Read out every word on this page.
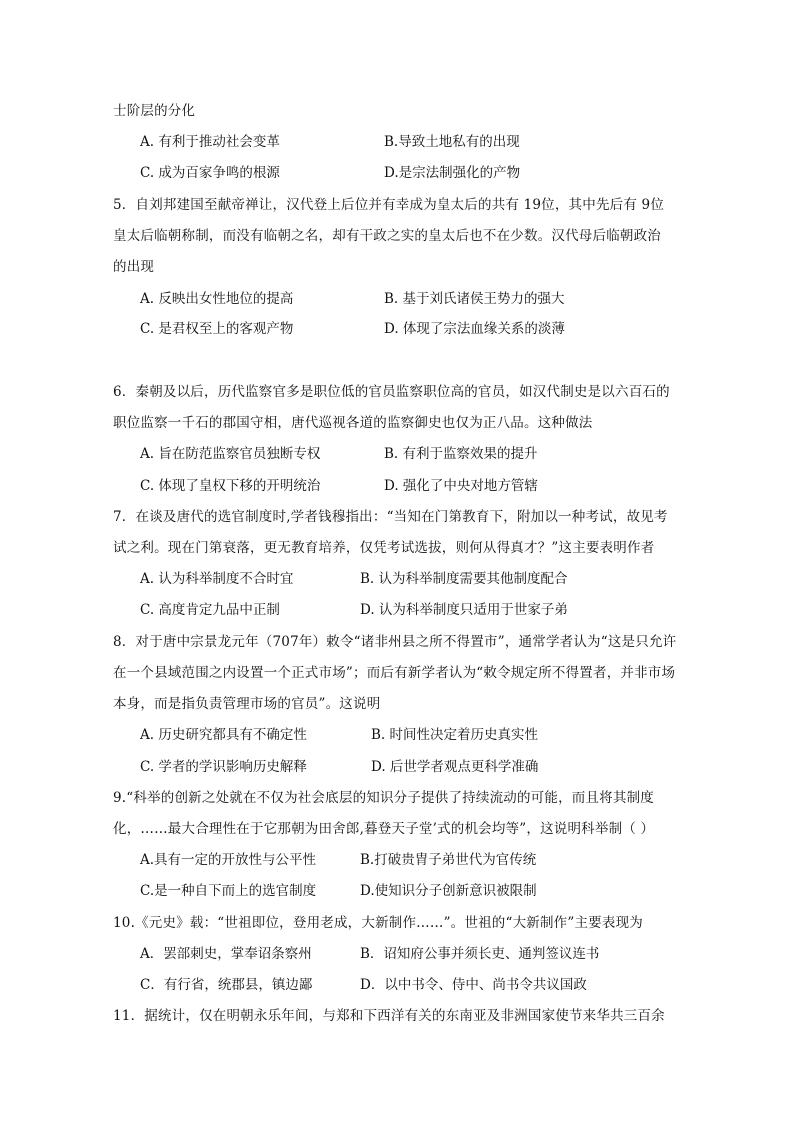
士阶层的分化
A. 有利于推动社会变革	B.导致土地私有的出现
C. 成为百家争鸣的根源	D.是宗法制强化的产物
5．自刘邦建国至献帝禅让，汉代登上后位并有幸成为皇太后的共有 19位，其中先后有 9位
皇太后临朝称制，而没有临朝之名，却有干政之实的皇太后也不在少数。汉代母后临朝政治
的出现
A. 反映出女性地位的提高	B. 基于刘氏诸侯王势力的强大
C. 是君权至上的客观产物	D. 体现了宗法血缘关系的淡薄
6．秦朝及以后，历代监察官多是职位低的官员监察职位高的官员，如汉代制史是以六百石的
职位监察一千石的郡国守相，唐代巡视各道的监察御史也仅为正八品。这种做法
A. 旨在防范监察官员独断专权	B. 有利于监察效果的提升
C. 体现了皇权下移的开明统治	D. 强化了中央对地方管辖
7．在谈及唐代的选官制度时,学者钱穆指出：“当知在门第教育下，附加以一种考试，故见考
试之利。现在门第衰落，更无教育培养，仅凭考试选拔，则何从得真才？”这主要表明作者
A. 认为科举制度不合时宜	B. 认为科举制度需要其他制度配合
C. 高度肯定九品中正制	D. 认为科举制度只适用于世家子弟
8．对于唐中宗景龙元年（707年）敕令“诸非州县之所不得置市”，通常学者认为“这是只允许
在一个县域范围之内设置一个正式市场”；而后有新学者认为“敕令规定所不得置者，并非市场
本身，而是指负责管理市场的官员”。这说明
A. 历史研究都具有不确定性	B. 时间性决定着历史真实性
C. 学者的学识影响历史解释	D. 后世学者观点更科学准确
9.“科举的创新之处就在不仅为社会底层的知识分子提供了持续流动的可能，而且将其制度
化，……最大合理性在于它那朝为田舍郎,暮登天子堂’式的机会均等”，这说明科举制（ ）
A.具有一定的开放性与公平性	B.打破贵胄子弟世代为官传统
C.是一种自下而上的选官制度	D.使知识分子创新意识被限制
10.《元史》载：“世祖即位，登用老成，大新制作……”。世祖的“大新制作”主要表现为
A．罢部刺史，掌奉诏条察州	B．诏知府公事并须长吏、通判签议连书
C．有行省，统郡县，镇边鄙	D．以中书令、侍中、尚书令共议国政
11．据统计，仅在明朝永乐年间，与郑和下西洋有关的东南亚及非洲国家使节来华共三百余
